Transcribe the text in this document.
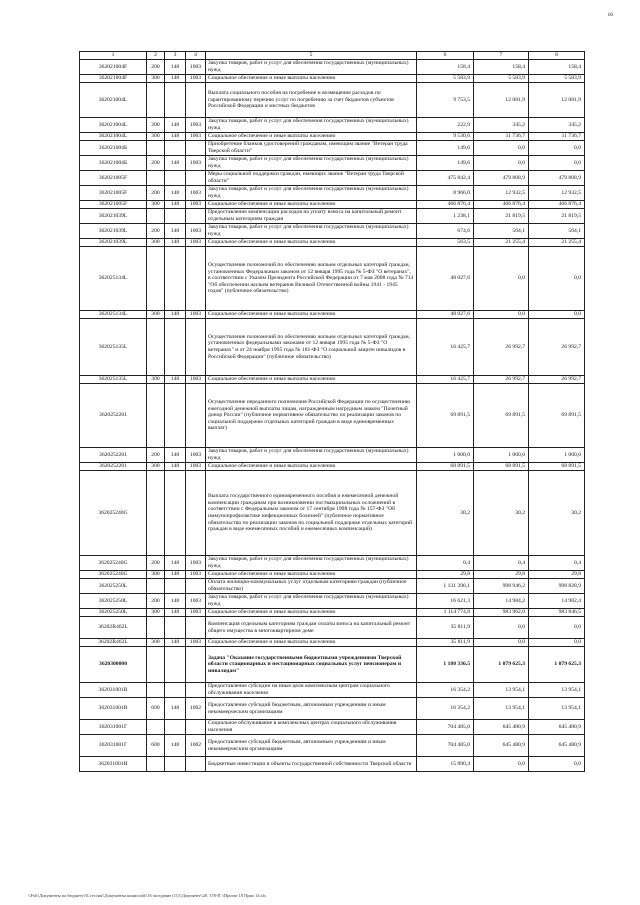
16
1	2	3	4	5	6	7	8
362021004F	200	148	1003	Закупка товаров, работ и услуг для обеспечения государственных (муниципальных) нужд	158,4	158,4	158,4
362021004F	300	148	1003	Социальное обеспечение и иные выплаты населению	5 583,9	5 583,9	5 583,9
362021004L				Выплата социального пособия на погребение и возмещение расходов по гарантированному перечню услуг по погребению за счет бюджетов субъектов Российской Федерации и местных бюджетов	9 753,5	12 081,9	12 081,9
362021004L	200	148	1003	Закупка товаров, работ и услуг для обеспечения государственных (муниципальных) нужд	222,9	345,2	345,2
362021004L	300	148	1003	Социальное обеспечение и иные выплаты населению	9 530,6	11 736,7	11 736,7
362021004Б				Приобретение бланков удостоверений гражданам, имеющим звание "Ветеран труда Тверской области"	149,6	0,0	0,0
362021004Б	200	148	1003	Закупка товаров, работ и услуг для обеспечения государственных (муниципальных) нужд	149,6	0,0	0,0
362021005F				Меры социальной поддержки граждан, имеющих звание "Ветеран труда Тверской области"	475 842,4	479 808,9	479 808,9
362021005F	200	148	1003	Закупка товаров, работ и услуг для обеспечения государственных (муниципальных) нужд	8 966,0	12 932,5	12 932,5
362021005F	300	148	1003	Социальное обеспечение и иные выплаты населению	466 876,4	466 876,4	466 876,4
362021039L				Предоставление компенсации расходов на уплату взноса на капитальный ремонт отдельным категориям граждан	1 238,1	21 819,5	21 819,5
362021039L	200	148	1003	Закупка товаров, работ и услуг для обеспечения государственных (муниципальных) нужд	674,6	564,1	564,1
362021039L	300	148	1003	Социальное обеспечение и иные выплаты населению	563,5	21 255,4	21 255,4
362025134L				Осуществление полномочий по обеспечению жильем отдельных категорий граждан, установленных Федеральным законом от 12 января 1995 года № 5-ФЗ "О ветеранах", в соответствии с Указом Президента Российской Федерации от 7 мая 2008 года № 714 "Об обеспечении жильем ветеранов Великой Отечественной войны 1941 - 1945 годов" (публичное обязательство)	48 027,6	0,0	0,0
362025134L	300	148	1003	Социальное обеспечение и иные выплаты населению	48 027,6	0,0	0,0
362025135L				Осуществление полномочий по обеспечению жильем отдельных категорий граждан, установленных федеральными законами от 12 января 1995 года № 5-ФЗ "О ветеранах" и от 24 ноября 1995 года № 181-ФЗ "О социальной защите инвалидов в Российской Федерации" (публичное обязательство)	16 425,7	26 992,7	26 992,7
362025135L	300	148	1003	Социальное обеспечение и иные выплаты населению	16 425,7	26 992,7	26 992,7
3620252201				Осуществление переданного полномочия Российской Федерации по осуществлению ежегодной денежной выплаты лицам, награжденным нагрудным знаком "Почетный донор России" (публичное нормативное обязательство по реализации законов по социальной поддержке отдельных категорий граждан в виде единовременных выплат)	69 891,5	69 891,5	69 891,5
3620252201	200	148	1003	Закупка товаров, работ и услуг для обеспечения государственных (муниципальных) нужд	1 000,0	1 000,0	1 000,0
3620252201	300	148	1003	Социальное обеспечение и иные выплаты населению	68 891,5	68 891,5	68 891,5
362025240G				Выплата государственного единовременного пособия и ежемесячной денежной компенсации гражданам при возникновении поствакцинальных осложнений в соответствии с Федеральным законом от 17 сентября 1998 года № 157-ФЗ "Об иммунопрофилактике инфекционных болезней" (публичное нормативное обязательство по реализации законов по социальной поддержке отдельных категорий граждан в виде ежемесячных пособий и ежемесячных компенсаций)	30,2	30,2	30,2
362025240G	200	148	1003	Закупка товаров, работ и услуг для обеспечения государственных (муниципальных) нужд	0,4	0,4	0,4
362025240G	300	148	1003	Социальное обеспечение и иные выплаты населению	29,8	29,8	29,8
362025250L				Оплата жилищно-коммунальных услуг отдельным категориям граждан (публичное обязательство)	1 131 396,1	998 946,2	998 828,9
362025250L	200	148	1003	Закупка товаров, работ и услуг для обеспечения государственных (муниципальных) нужд	16 621,3	14 984,2	14 982,4
362025250L	300	148	1003	Социальное обеспечение и иные выплаты населению	1 114 774,8	983 962,0	983 846,5
36202R462L				Компенсация отдельным категориям граждан оплаты взноса на капитальный ремонт общего имущества в многоквартирном доме	35 811,9	0,0	0,0
36202R462L	300	148	1003	Социальное обеспечение и иные выплаты населению	35 811,9	0,0	0,0
3620300000				Задача "Оказание государственными бюджетными учреждениями Тверской области стационарных и нестационарных социальных услуг пенсионерам и инвалидам"	1 180 336,5	1 079 625,3	1 079 625,3
362031001В				Предоставление субсидии на иные цели комплексным центрам социального обслуживания населения	16 354,2	13 954,1	13 954,1
362031001В	600	148	1002	Предоставление субсидий бюджетным, автономным учреждениям и иным некоммерческим организациям	16 354,2	13 954,1	13 954,1
362031001Г				Социальное обслуживание в комплексных центрах социального обслуживания населения	704 485,0	645 480,9	645 480,9
362031001Г	600	148	1002	Предоставление субсидий бюджетным, автономным учреждениям и иным некоммерческим организациям	704 485,0	645 480,9	645 480,9
362031001И				Бюджетные инвестиции в объекты государственной собственности Тверской области	15 890,4	0,0	0,0
\\Fs6\\Документы по бюджету\\Б сессия\\Документы комиссий\\16 заседание (11)\\Документ\\20. 378-П \\Проект 10 Прил 14.xls
